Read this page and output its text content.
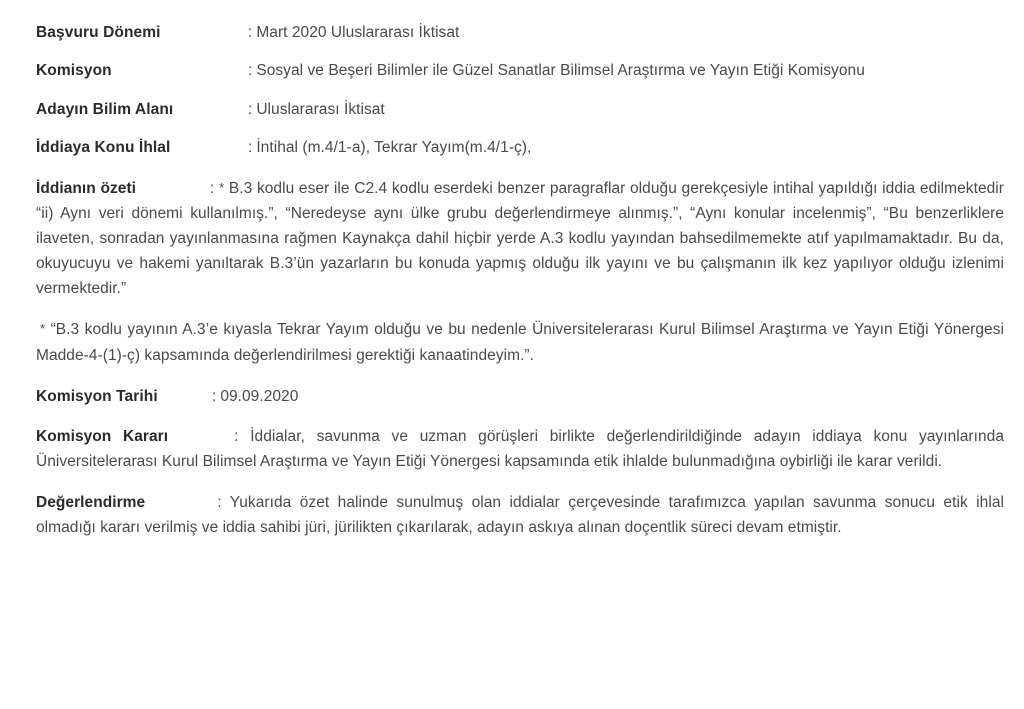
Başvuru Dönemi	: Mart 2020 Uluslararası İktisat
Komisyon	: Sosyal ve Beşeri Bilimler ile Güzel Sanatlar Bilimsel Araştırma ve Yayın Etiği Komisyonu
Adayın Bilim Alanı	: Uluslararası İktisat
İddiaya Konu İhlal	: İntihal (m.4/1-a), Tekrar Yayım(m.4/1-ç),
İddianın özeti	: * B.3 kodlu eser ile C2.4 kodlu eserdeki benzer paragraflar olduğu gerekçesiyle intihal yapıldığı iddia edilmektedir “ii) Aynı veri dönemi kullanılmış.”, “Neredeyse aynı ülke grubu değerlendirmeye alınmış.”, “Aynı konular incelenmiş”, “Bu benzerliklere ilaveten, sonradan yayınlanmasına rağmen Kaynakça dahil hiçbir yerde A.3 kodlu yayından bahsedilmemekte atıf yapılmamaktadır. Bu da, okuyucuyu ve hakemi yanıltarak B.3’ün yazarların bu konuda yapmış olduğu ilk yayını ve bu çalışmanın ilk kez yapılıyor olduğu izlenimi vermektedir.”
* “B.3 kodlu yayının A.3’e kıyasla Tekrar Yayım olduğu ve bu nedenle Üniversitelerarası Kurul Bilimsel Araştırma ve Yayın Etiği Yönergesi Madde-4-(1)-ç) kapsamında değerlendirilmesi gerektiği kanaatindeyim.”.
Komisyon Tarihi	: 09.09.2020
Komisyon Kararı	: İddialar, savunma ve uzman görüşleri birlikte değerlendirildiğinde adayın iddiaya konu yayınlarında Üniversitelerarası Kurul Bilimsel Araştırma ve Yayın Etiği Yönergesi kapsamında etik ihlalde bulunmadığına oybirliği ile karar verildi.
Değerlendirme	: Yukarıda özet halinde sunulmuş olan iddialar çerçevesinde tarafımızca yapılan savunma sonucu etik ihlal olmadığı kararı verilmiş ve iddia sahibi jüri, jürilikten çıkarılarak, adayın askıya alınan doçentlik süreci devam etmiştir.
